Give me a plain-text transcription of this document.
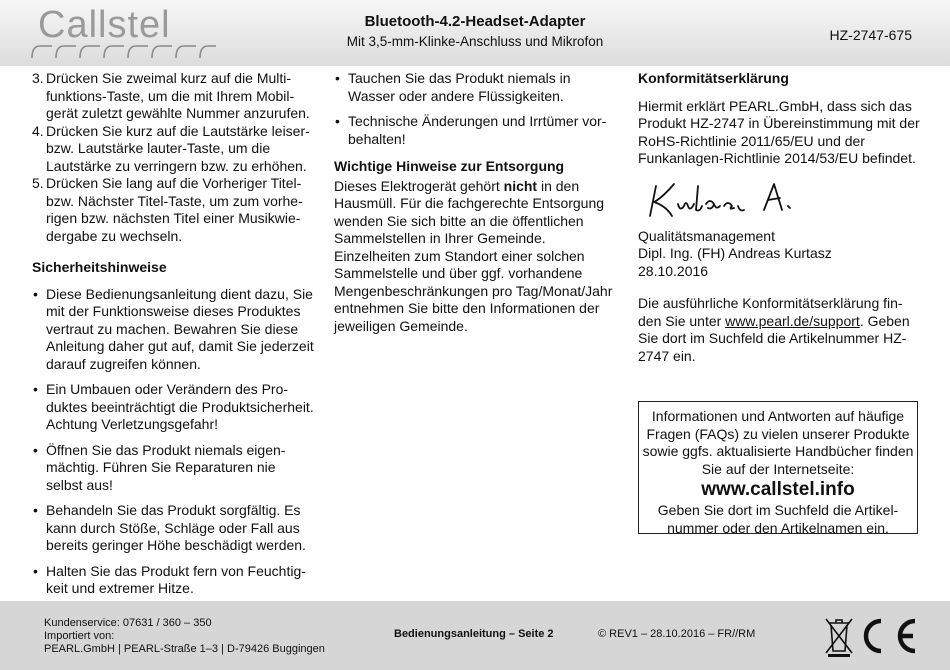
Callstel	Bluetooth-4.2-Headset-Adapter
Mit 3,5-mm-Klinke-Anschluss und Mikrofon	HZ-2747-675
3. Drücken Sie zweimal kurz auf die Multifunktions-Taste, um die mit Ihrem Mobilgerät zuletzt gewählte Nummer anzurufen.
4. Drücken Sie kurz auf die Lautstärke leiser- bzw. Lautstärke lauter-Taste, um die Lautstärke zu verringern bzw. zu erhöhen.
5. Drücken Sie lang auf die Vorheriger Titel- bzw. Nächster Titel-Taste, um zum vorherigen bzw. nächsten Titel einer Musikwiedergabe zu wechseln.
Sicherheitshinweise
• Diese Bedienungsanleitung dient dazu, Sie mit der Funktionsweise dieses Produktes vertraut zu machen. Bewahren Sie diese Anleitung daher gut auf, damit Sie jederzeit darauf zugreifen können.
• Ein Umbauen oder Verändern des Produktes beeinträchtigt die Produktsicherheit. Achtung Verletzungsgefahr!
• Öffnen Sie das Produkt niemals eigenmächtig. Führen Sie Reparaturen nie selbst aus!
• Behandeln Sie das Produkt sorgfältig. Es kann durch Stöße, Schläge oder Fall aus bereits geringer Höhe beschädigt werden.
• Halten Sie das Produkt fern von Feuchtigkeit und extremer Hitze.
• Tauchen Sie das Produkt niemals in Wasser oder andere Flüssigkeiten.
• Technische Änderungen und Irrtümer vorbehalten!
Wichtige Hinweise zur Entsorgung

Dieses Elektrogerät gehört nicht in den Hausmüll. Für die fachgerechte Entsorgung wenden Sie sich bitte an die öffentlichen Sammelstellen in Ihrer Gemeinde. Einzelheiten zum Standort einer solchen Sammelstelle und über ggf. vorhandene Mengenbeschränkungen pro Tag/Monat/Jahr entnehmen Sie bitte den Informationen der jeweiligen Gemeinde.

Konformitätserklärung

Hiermit erklärt PEARL.GmbH, dass sich das Produkt HZ-2747 in Übereinstimmung mit der RoHS-Richtlinie 2011/65/EU und der Funkanlagen-Richtlinie 2014/53/EU befindet.

Qualitätsmanagement

Dipl. Ing. (FH) Andreas Kurtasz

28.10.2016

Die ausführliche Konformitätserklärung finden Sie unter www.pearl.de/support. Geben Sie dort im Suchfeld die Artikelnummer HZ-2747 ein.

Informationen und Antworten auf häufige Fragen (FAQs) zu vielen unserer Produkte sowie ggfs. aktualisierte Handbücher finden Sie auf der Internetseite:
www.callstel.info
Geben Sie dort im Suchfeld die Artikelnummer oder den Artikelnamen ein.
Kundenservice: 07631 / 360 – 350
Importiert von:
PEARL.GmbH | PEARL-Straße 1–3 | D-79426 Buggingen
Bedienungsanleitung – Seite 2	© REV1 – 28.10.2016 – FR//RM
